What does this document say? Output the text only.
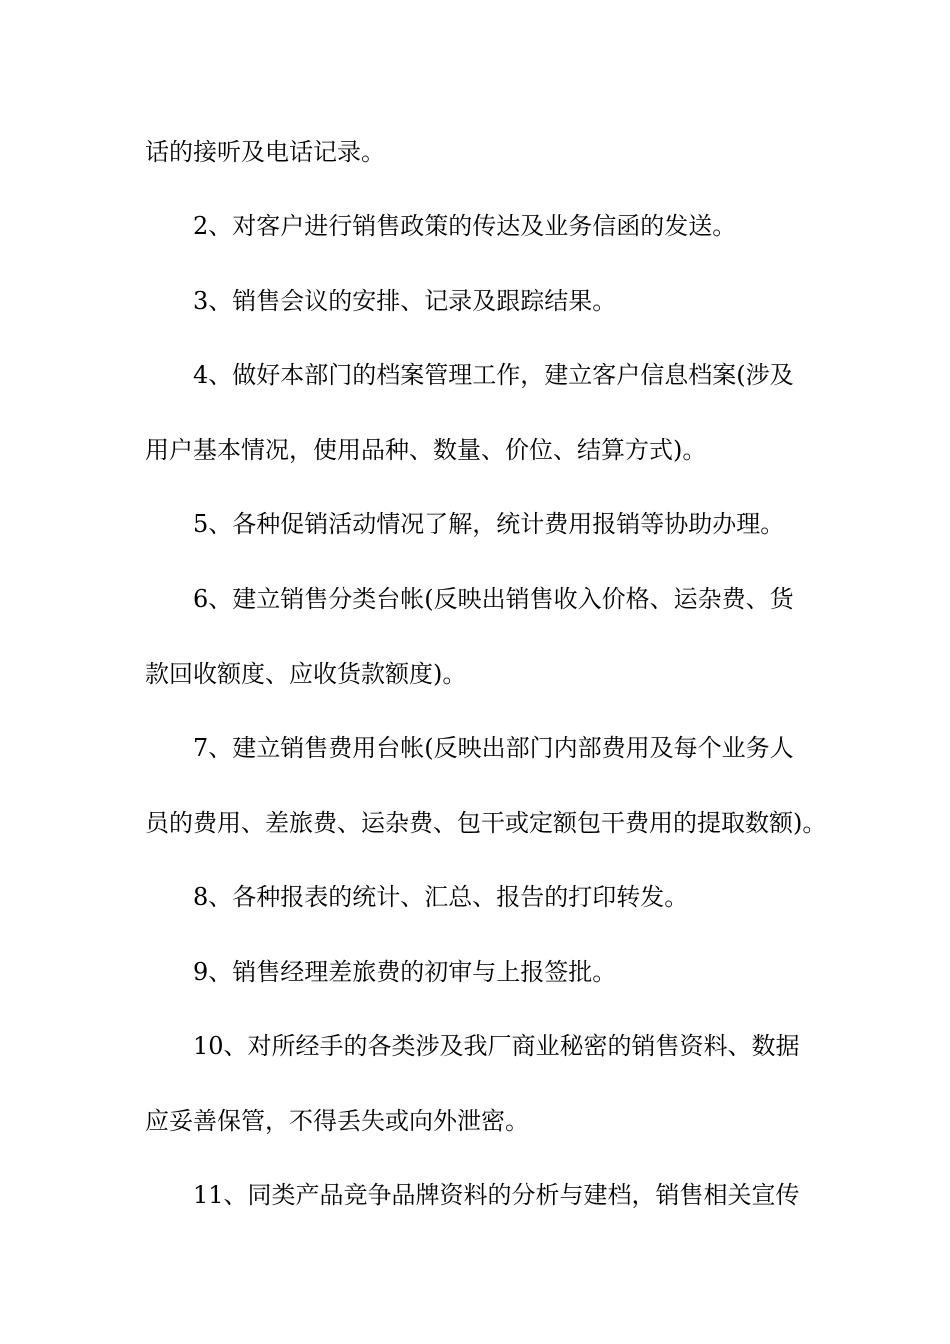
话的接听及电话记录。
2、对客户进行销售政策的传达及业务信函的发送。
3、销售会议的安排、记录及跟踪结果。
4、做好本部门的档案管理工作，建立客户信息档案(涉及
用户基本情况，使用品种、数量、价位、结算方式)。
5、各种促销活动情况了解，统计费用报销等协助办理。
6、建立销售分类台帐(反映出销售收入价格、运杂费、货
款回收额度、应收货款额度)。
7、建立销售费用台帐(反映出部门内部费用及每个业务人
员的费用、差旅费、运杂费、包干或定额包干费用的提取数额)。
8、各种报表的统计、汇总、报告的打印转发。
9、销售经理差旅费的初审与上报签批。
10、对所经手的各类涉及我厂商业秘密的销售资料、数据
应妥善保管，不得丢失或向外泄密。
11、同类产品竞争品牌资料的分析与建档，销售相关宣传
